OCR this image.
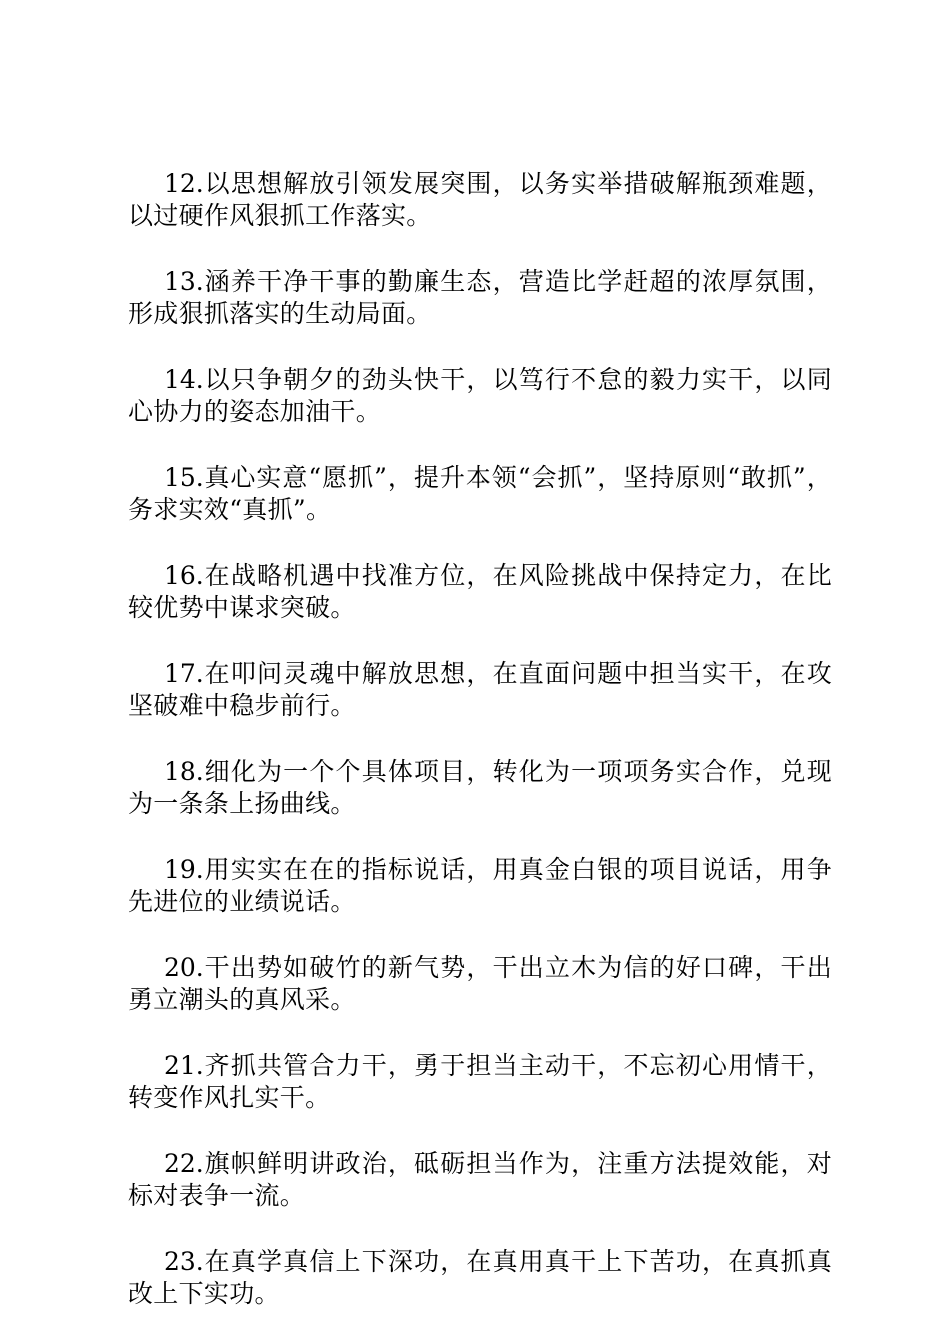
12.以思想解放引领发展突围，以务实举措破解瓶颈难题，以过硬作风狠抓工作落实。

13.涵养干净干事的勤廉生态，营造比学赶超的浓厚氛围，形成狠抓落实的生动局面。

14.以只争朝夕的劲头快干，以笃行不怠的毅力实干，以同心协力的姿态加油干。

15.真心实意“愿抓”，提升本领“会抓”，坚持原则“敢抓”，务求实效“真抓”。

16.在战略机遇中找准方位，在风险挑战中保持定力，在比较优势中谋求突破。

17.在叩问灵魂中解放思想，在直面问题中担当实干，在攻坚破难中稳步前行。

18.细化为一个个具体项目，转化为一项项务实合作，兑现为一条条上扬曲线。

19.用实实在在的指标说话，用真金白银的项目说话，用争先进位的业绩说话。

20.干出势如破竹的新气势，干出立木为信的好口碑，干出勇立潮头的真风采。

21.齐抓共管合力干，勇于担当主动干，不忘初心用情干，转变作风扎实干。

22.旗帜鲜明讲政治，砥砺担当作为，注重方法提效能，对标对表争一流。

23.在真学真信上下深功，在真用真干上下苦功，在真抓真改上下实功。
